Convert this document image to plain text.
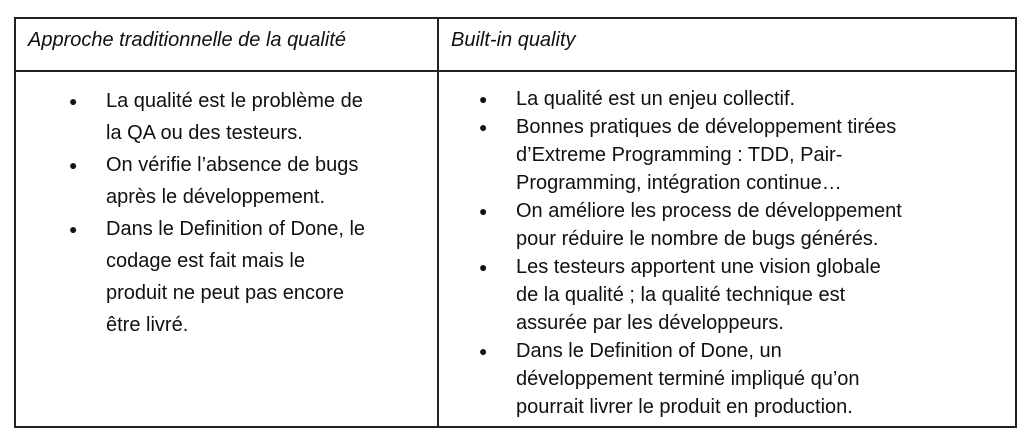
Approche traditionnelle de la qualité	Built-in quality
● La qualité est le problème de
la QA ou des testeurs.
● On vérifie l’absence de bugs
après le développement.
● Dans le Definition of Done, le
codage est fait mais le
produit ne peut pas encore
être livré.
● La qualité est un enjeu collectif.
● Bonnes pratiques de développement tirées
d’Extreme Programming : TDD, Pair-
Programming, intégration continue…
● On améliore les process de développement
pour réduire le nombre de bugs générés.
● Les testeurs apportent une vision globale
de la qualité ; la qualité technique est
assurée par les développeurs.
● Dans le Definition of Done, un
développement terminé impliqué qu’on
pourrait livrer le produit en production.
